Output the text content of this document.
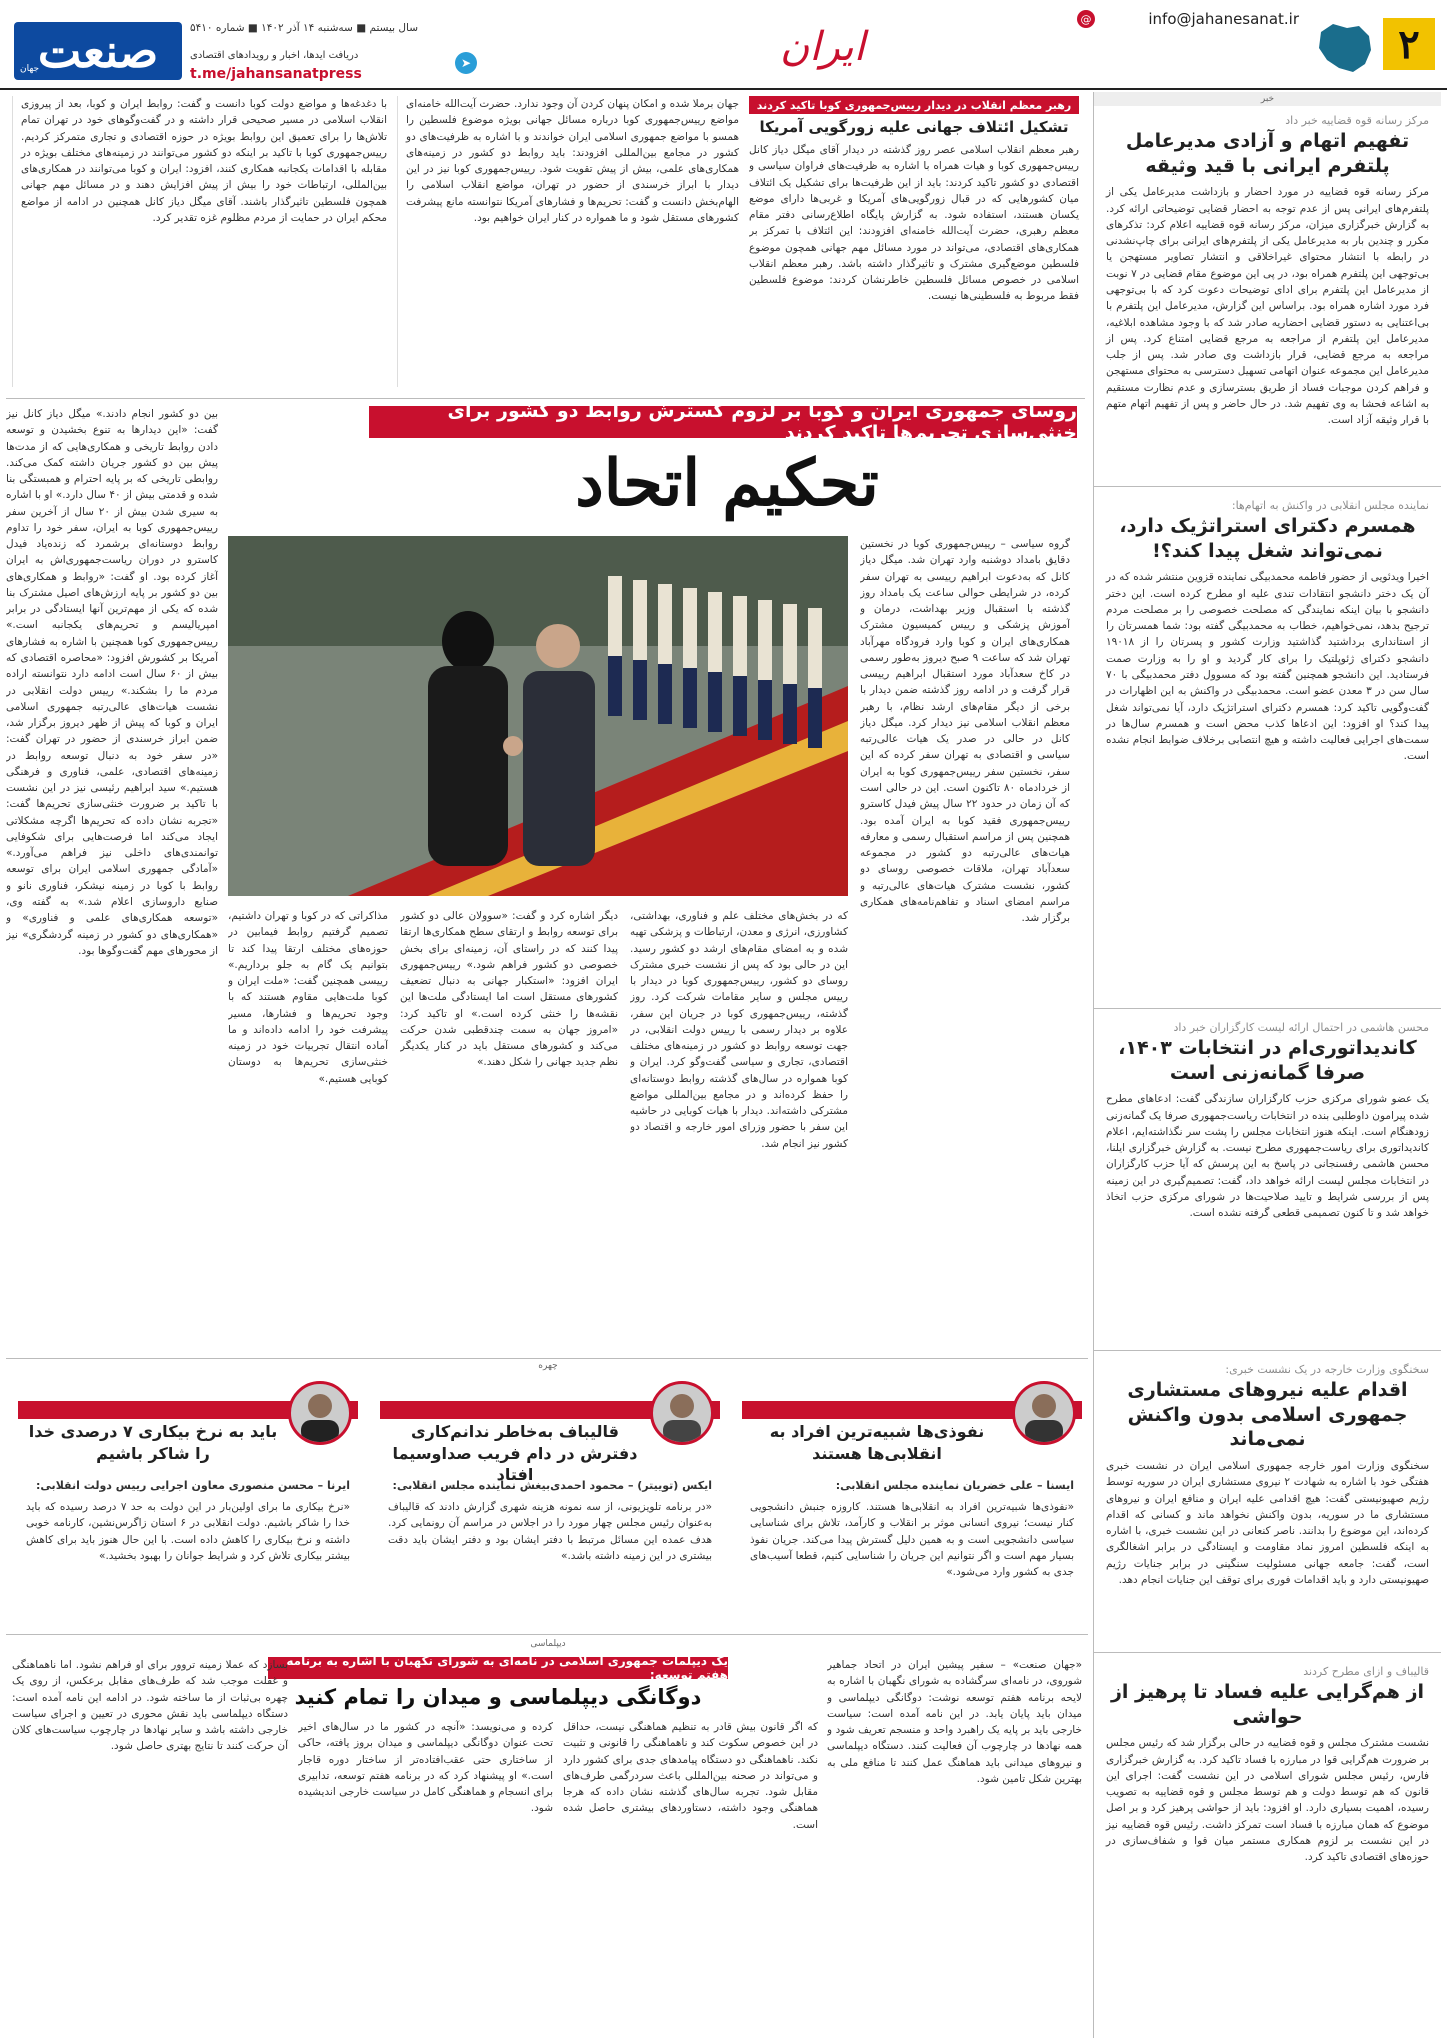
۲
info@jahanesanat.ir
@
ایران
صنعت
جهان
سال بیستم ■ سه‌شنبه ۱۴ آذر ۱۴۰۲ ■ شماره ۵۴۱۰
دریافت ایدها، اخبار و رویدادهای اقتصادی
t.me/jahansanatpress
➤
خبر
مرکز رسانه قوه قضاییه خبر داد
تفهیم اتهام و آزادی مدیرعامل پلتفرم ایرانی با قید وثیقه
مرکز رسانه قوه قضاییه در مورد احضار و بازداشت مدیرعامل یکی از پلتفرم‌های ایرانی پس از عدم توجه به احضار قضایی توضیحاتی ارائه کرد. به گزارش خبرگزاری میزان، مرکز رسانه قوه قضاییه اعلام کرد: تذکرهای مکرر و چندین بار به مدیرعامل یکی از پلتفرم‌های ایرانی برای چاپ‌نشدنی در رابطه با انتشار محتوای غیراخلاقی و انتشار تصاویر مستهجن یا بی‌توجهی این پلتفرم همراه بود، در پی این موضوع مقام قضایی در ۷ نوبت از مدیرعامل این پلتفرم برای ادای توضیحات دعوت کرد که با بی‌توجهی فرد مورد اشاره همراه بود. براساس این گزارش، مدیرعامل این پلتفرم با بی‌اعتنایی به دستور قضایی احضاریه صادر شد که با وجود مشاهده ابلاغیه، مدیرعامل این پلتفرم از مراجعه به مرجع قضایی امتناع کرد. پس از مراجعه به مرجع قضایی، قرار بازداشت وی صادر شد. پس از جلب مدیرعامل این مجموعه عنوان اتهامی تسهیل دسترسی به محتوای مستهجن و فراهم کردن موجبات فساد از طریق بسترسازی و عدم نظارت مستقیم به اشاعه فحشا به وی تفهیم شد. در حال حاضر و پس از تفهیم اتهام متهم با قرار وثیقه آزاد است.
نماینده مجلس انقلابی در واکنش به اتهام‌ها:
همسرم دکترای استراتژیک دارد، نمی‌تواند شغل پیدا کند؟!
اخیرا ویدئویی از حضور فاطمه محمدبیگی نماینده قزوین منتشر شده که در آن یک دختر دانشجو انتقادات تندی علیه او مطرح کرده است. این دختر دانشجو با بیان اینکه نمایندگی که مصلحت خصوصی را بر مصلحت مردم ترجیح بدهد، نمی‌خواهیم، خطاب به محمدبیگی گفته بود: شما همسرتان را از استانداری برداشتید گذاشتید وزارت کشور و پسرتان را از ۱۹۰۱۸ دانشجو دکترای ژئوپلتیک را برای کار گردید و او را به وزارت صمت فرستادید. این دانشجو همچنین گفته بود که مسوول دفتر محمدبیگی با ۷۰ سال سن در ۳ معدن عضو است. محمدبیگی در واکنش به این اظهارات در گفت‌وگویی تاکید کرد: همسرم دکترای استراتژیک دارد، آیا نمی‌تواند شغل پیدا کند؟ او افزود: این ادعاها کذب محض است و همسرم سال‌ها در سمت‌های اجرایی فعالیت داشته و هیچ انتصابی برخلاف ضوابط انجام نشده است.
محسن هاشمی در احتمال ارائه لیست کارگزاران خبر داد
کاندیداتوری‌ام در انتخابات ۱۴۰۳، صرفا گمانه‌زنی است
یک عضو شورای مرکزی حزب کارگزاران سازندگی گفت: ادعاهای مطرح شده پیرامون داوطلبی بنده در انتخابات ریاست‌جمهوری صرفا یک گمانه‌زنی زودهنگام است. اینکه هنوز انتخابات مجلس را پشت سر نگذاشته‌ایم، اعلام کاندیداتوری برای ریاست‌جمهوری مطرح نیست. به گزارش خبرگزاری ایلنا، محسن هاشمی رفسنجانی در پاسخ به این پرسش که آیا حزب کارگزاران در انتخابات مجلس لیست ارائه خواهد داد، گفت: تصمیم‌گیری در این زمینه پس از بررسی شرایط و تایید صلاحیت‌ها در شورای مرکزی حزب اتخاذ خواهد شد و تا کنون تصمیمی قطعی گرفته نشده است.
سخنگوی وزارت خارجه در یک نشست خبری:
اقدام علیه نیروهای مستشاری جمهوری اسلامی بدون واکنش نمی‌ماند
سخنگوی وزارت امور خارجه جمهوری اسلامی ایران در نشست خبری هفتگی خود با اشاره به شهادت ۲ نیروی مستشاری ایران در سوریه توسط رژیم صهیونیستی گفت: هیچ اقدامی علیه ایران و منافع ایران و نیروهای مستشاری ما در سوریه، بدون واکنش نخواهد ماند و کسانی که اقدام کرده‌اند، این موضوع را بدانند. ناصر کنعانی در این نشست خبری، با اشاره به اینکه فلسطین امروز نماد مقاومت و ایستادگی در برابر اشغالگری است، گفت: جامعه جهانی مسئولیت سنگینی در برابر جنایات رژیم صهیونیستی دارد و باید اقدامات فوری برای توقف این جنایات انجام دهد.
قالیباف و ازای مطرح کردند
از هم‌گرایی علیه فساد تا پرهیز از حواشی
نشست مشترک مجلس و قوه قضاییه در حالی برگزار شد که رئیس مجلس بر ضرورت هم‌گرایی قوا در مبارزه با فساد تاکید کرد. به گزارش خبرگزاری فارس، رئیس مجلس شورای اسلامی در این نشست گفت: اجرای این قانون که هم توسط دولت و هم توسط مجلس و قوه قضاییه به تصویب رسیده، اهمیت بسیاری دارد. او افزود: باید از حواشی پرهیز کرد و بر اصل موضوع که همان مبارزه با فساد است تمرکز داشت. رئیس قوه قضاییه نیز در این نشست بر لزوم همکاری مستمر میان قوا و شفاف‌سازی در حوزه‌های اقتصادی تاکید کرد.
رهبر معظم انقلاب در دیدار رییس‌جمهوری کوبا تاکید کردند
تشکیل ائتلاف جهانی علیه زورگویی آمریکا
رهبر معظم انقلاب اسلامی عصر روز گذشته در دیدار آقای میگل دیاز کانل رییس‌جمهوری کوبا و هیات همراه با اشاره به ظرفیت‌های فراوان سیاسی و اقتصادی دو کشور تاکید کردند: باید از این ظرفیت‌ها برای تشکیل یک ائتلاف میان کشورهایی که در قبال زورگویی‌های آمریکا و غربی‌ها دارای موضع یکسان هستند، استفاده شود. به گزارش پایگاه اطلاع‌رسانی دفتر مقام معظم رهبری، حضرت آیت‌الله خامنه‌ای افزودند: این ائتلاف با تمرکز بر همکاری‌های اقتصادی، می‌تواند در مورد مسائل مهم جهانی همچون موضوع فلسطین موضع‌گیری مشترک و تاثیرگذار داشته باشد. رهبر معظم انقلاب اسلامی در خصوص مسائل فلسطین خاطرنشان کردند: موضوع فلسطین فقط مربوط به فلسطینی‌ها نیست.
جهان برملا شده و امکان پنهان کردن آن وجود ندارد. حضرت آیت‌الله خامنه‌ای مواضع رییس‌جمهوری کوبا درباره مسائل جهانی بویژه موضوع فلسطین را همسو با مواضع جمهوری اسلامی ایران خواندند و با اشاره به ظرفیت‌های دو کشور در مجامع بین‌المللی افزودند: باید روابط دو کشور در زمینه‌های همکاری‌های علمی، بیش از پیش تقویت شود. رییس‌جمهوری کوبا نیز در این دیدار با ابراز خرسندی از حضور در تهران، مواضع انقلاب اسلامی را الهام‌بخش دانست و گفت: تحریم‌ها و فشارهای آمریکا نتوانسته مانع پیشرفت کشورهای مستقل شود و ما همواره در کنار ایران خواهیم بود.
با دغدغه‌ها و مواضع دولت کوبا دانست و گفت: روابط ایران و کوبا، بعد از پیروزی انقلاب اسلامی در مسیر صحیحی قرار داشته و در گفت‌وگوهای خود در تهران تمام تلاش‌ها را برای تعمیق این روابط بویژه در حوزه اقتصادی و تجاری متمرکز کردیم. رییس‌جمهوری کوبا با تاکید بر اینکه دو کشور می‌توانند در زمینه‌های مختلف بویژه در مقابله با اقدامات یکجانبه همکاری کنند، افزود: ایران و کوبا می‌توانند در همکاری‌های بین‌المللی، ارتباطات خود را بیش از پیش افزایش دهند و در مسائل مهم جهانی همچون فلسطین تاثیرگذار باشند. آقای میگل دیاز کانل همچنین در ادامه از مواضع محکم ایران در حمایت از مردم مظلوم غزه تقدیر کرد.
روسای جمهوری ایران و کوبا بر لزوم گسترش روابط دو کشور برای خنثی‌سازی تحریم‌ها تاکید کردند
تحکیم اتحاد
گروه سیاسی – رییس‌جمهوری کوبا در نخستین دقایق بامداد دوشنبه وارد تهران شد. میگل دیاز کانل که به‌دعوت ابراهیم رییسی به تهران سفر کرده، در شرایطی حوالی ساعت یک بامداد روز گذشته با استقبال وزیر بهداشت، درمان و آموزش پزشکی و رییس کمیسیون مشترک همکاری‌های ایران و کوبا وارد فرودگاه مهرآباد تهران شد که ساعت ۹ صبح دیروز به‌طور رسمی در کاخ سعدآباد مورد استقبال ابراهیم رییسی قرار گرفت و در ادامه روز گذشته ضمن دیدار با برخی از دیگر مقام‌های ارشد نظام، با رهبر معظم انقلاب اسلامی نیز دیدار کرد. میگل دیاز کانل در حالی در صدر یک هیات عالی‌رتبه سیاسی و اقتصادی به تهران سفر کرده که این سفر، نخستین سفر رییس‌جمهوری کوبا به ایران از خردادماه ۸۰ تاکنون است. این در حالی است که آن زمان در حدود ۲۲ سال پیش فیدل کاسترو رییس‌جمهوری فقید کوبا به ایران آمده بود. همچنین پس از مراسم استقبال رسمی و معارفه هیات‌های عالی‌رتبه دو کشور در مجموعه سعدآباد تهران، ملاقات خصوصی روسای دو کشور، نشست مشترک هیات‌های عالی‌رتبه و مراسم امضای اسناد و تفاهم‌نامه‌های همکاری برگزار شد.
که در بخش‌های مختلف علم و فناوری، بهداشتی، کشاورزی، انرژی و معدن، ارتباطات و پزشکی تهیه شده و به امضای مقام‌های ارشد دو کشور رسید. این در حالی بود که پس از نشست خبری مشترک روسای دو کشور، رییس‌جمهوری کوبا در دیدار با رییس مجلس و سایر مقامات شرکت کرد. روز گذشته، رییس‌جمهوری کوبا در جریان این سفر، علاوه بر دیدار رسمی با رییس دولت انقلابی، در جهت توسعه روابط دو کشور در زمینه‌های مختلف اقتصادی، تجاری و سیاسی گفت‌وگو کرد. ایران و کوبا همواره در سال‌های گذشته روابط دوستانه‌ای را حفظ کرده‌اند و در مجامع بین‌المللی مواضع مشترکی داشته‌اند. دیدار با هیات کوبایی در حاشیه این سفر با حضور وزرای امور خارجه و اقتصاد دو کشور نیز انجام شد.
دیگر اشاره کرد و گفت: «سوولان عالی دو کشور برای توسعه روابط و ارتقای سطح همکاری‌ها ارتقا پیدا کنند که در راستای آن، زمینه‌ای برای بخش خصوصی دو کشور فراهم شود.» رییس‌جمهوری ایران افزود: «استکبار جهانی به دنبال تضعیف کشورهای مستقل است اما ایستادگی ملت‌ها این نقشه‌ها را خنثی کرده است.» او تاکید کرد: «امروز جهان به سمت چندقطبی شدن حرکت می‌کند و کشورهای مستقل باید در کنار یکدیگر نظم جدید جهانی را شکل دهند.»
مذاکراتی که در کوبا و تهران داشتیم، تصمیم گرفتیم روابط فیمابین در حوزه‌های مختلف ارتقا پیدا کند تا بتوانیم یک گام به جلو برداریم.» رییسی همچنین گفت: «ملت ایران و کوبا ملت‌هایی مقاوم هستند که با وجود تحریم‌ها و فشارها، مسیر پیشرفت خود را ادامه داده‌اند و ما آماده انتقال تجربیات خود در زمینه خنثی‌سازی تحریم‌ها به دوستان کوبایی هستیم.»
بین دو کشور انجام دادند.» میگل دیاز کانل نیز گفت: «این دیدارها به تنوع بخشیدن و توسعه دادن روابط تاریخی و همکاری‌هایی که از مدت‌ها پیش بین دو کشور جریان داشته کمک می‌کند. روابطی تاریخی که بر پایه احترام و همبستگی بنا شده و قدمتی بیش از ۴۰ سال دارد.» او با اشاره به سیری شدن بیش از ۲۰ سال از آخرین سفر رییس‌جمهوری کوبا به ایران، سفر خود را تداوم روابط دوستانه‌ای برشمرد که زنده‌یاد فیدل کاسترو در دوران ریاست‌جمهوری‌اش به ایران آغاز کرده بود. او گفت: «روابط و همکاری‌های بین دو کشور بر پایه ارزش‌های اصیل مشترک بنا شده که یکی از مهم‌ترین آنها ایستادگی در برابر امپریالیسم و تحریم‌های یکجانبه است.» رییس‌جمهوری کوبا همچنین با اشاره به فشارهای آمریکا بر کشورش افزود: «محاصره اقتصادی که بیش از ۶۰ سال است ادامه دارد نتوانسته اراده مردم ما را بشکند.» رییس دولت انقلابی در نشست هیات‌های عالی‌رتبه جمهوری اسلامی ایران و کوبا که پیش از ظهر دیروز برگزار شد، ضمن ابراز خرسندی از حضور در تهران گفت: «در سفر خود به دنبال توسعه روابط در زمینه‌های اقتصادی، علمی، فناوری و فرهنگی هستیم.» سید ابراهیم رئیسی نیز در این نشست با تاکید بر ضرورت خنثی‌سازی تحریم‌ها گفت: «تجربه نشان داده که تحریم‌ها اگرچه مشکلاتی ایجاد می‌کند اما فرصت‌هایی برای شکوفایی توانمندی‌های داخلی نیز فراهم می‌آورد.» «آمادگی جمهوری اسلامی ایران برای توسعه روابط با کوبا در زمینه نیشکر، فناوری نانو و صنایع داروسازی اعلام شد.» به گفته وی، «توسعه همکاری‌های علمی و فناوری» و «همکاری‌های دو کشور در زمینه گردشگری» نیز از محورهای مهم گفت‌وگوها بود.
چهره
نفوذی‌ها شبیه‌ترین افراد به انقلابی‌ها هستند
ایسنا – علی خضریان نماینده مجلس انقلابی:
«نفوذی‌ها شبیه‌ترین افراد به انقلابی‌ها هستند. کاروزه جنبش دانشجویی کنار نیست؛ نیروی انسانی موثر بر انقلاب و کارآمد، تلاش برای شناسایی سیاسی دانشجویی است و به همین دلیل گسترش پیدا می‌کند. جریان نفوذ بسیار مهم است و اگر نتوانیم این جریان را شناسایی کنیم، قطعا آسیب‌های جدی به کشور وارد می‌شود.»
قالیباف به‌خاطر ندانم‌کاری دفترش در دام فریب صداوسیما افتاد
ایکس (توییتر) – محمود احمدی‌بیغش نماینده مجلس انقلابی:
«در برنامه تلویزیونی، از سه نمونه هزینه شهری گزارش دادند که قالیباف به‌عنوان رئیس مجلس چهار مورد را در اجلاس در مراسم آن رونمایی کرد. هدف عمده این مسائل مرتبط با دفتر ایشان بود و دفتر ایشان باید دقت بیشتری در این زمینه داشته باشد.»
باید به نرخ بیکاری ۷ درصدی خدا را شاکر باشیم
ایرنا – محسن منصوری معاون اجرایی رییس دولت انقلابی:
«نرخ بیکاری ما برای اولین‌بار در این دولت به حد ۷ درصد رسیده که باید خدا را شاکر باشیم. دولت انقلابی در ۶ استان زاگرس‌نشین، کارنامه خوبی داشته و نرخ بیکاری را کاهش داده است. با این حال هنوز باید برای کاهش بیشتر بیکاری تلاش کرد و شرایط جوانان را بهبود بخشید.»
دیپلماسی
یک دیپلمات جمهوری اسلامی در نامه‌ای به شورای نگهبان با اشاره به برنامه هفتم توسعه:
دوگانگی دیپلماسی و میدان را تمام کنید
«جهان صنعت» – سفیر پیشین ایران در اتحاد جماهیر شوروی، در نامه‌ای سرگشاده به شورای نگهبان با اشاره به لایحه برنامه هفتم توسعه نوشت: دوگانگی دیپلماسی و میدان باید پایان یابد. در این نامه آمده است: سیاست خارجی باید بر پایه یک راهبرد واحد و منسجم تعریف شود و همه نهادها در چارچوب آن فعالیت کنند. دستگاه دیپلماسی و نیروهای میدانی باید هماهنگ عمل کنند تا منافع ملی به بهترین شکل تامین شود.
که اگر قانون بیش قادر به تنظیم هماهنگی نیست، حداقل در این خصوص سکوت کند و ناهماهنگی را قانونی و تثبیت نکند. ناهماهنگی دو دستگاه پیامدهای جدی برای کشور دارد و می‌تواند در صحنه بین‌المللی باعث سردرگمی طرف‌های مقابل شود. تجربه سال‌های گذشته نشان داده که هرجا هماهنگی وجود داشته، دستاوردهای بیشتری حاصل شده است.
کرده و می‌نویسد: «آنچه در کشور ما در سال‌های اخیر تحت عنوان دوگانگی دیپلماسی و میدان بروز یافته، حاکی از ساختاری حتی عقب‌افتاده‌تر از ساختار دوره قاجار است.» او پیشنهاد کرد که در برنامه هفتم توسعه، تدابیری برای انسجام و هماهنگی کامل در سیاست خارجی اندیشیده شود.
بسازد که عملا زمینه تروور برای او فراهم نشود. اما ناهماهنگی و غفلت موجب شد که طرف‌های مقابل برعکس، از روی یک چهره بی‌ثبات از ما ساخته شود. در ادامه این نامه آمده است: دستگاه دیپلماسی باید نقش محوری در تعیین و اجرای سیاست خارجی داشته باشد و سایر نهادها در چارچوب سیاست‌های کلان آن حرکت کنند تا نتایج بهتری حاصل شود.
